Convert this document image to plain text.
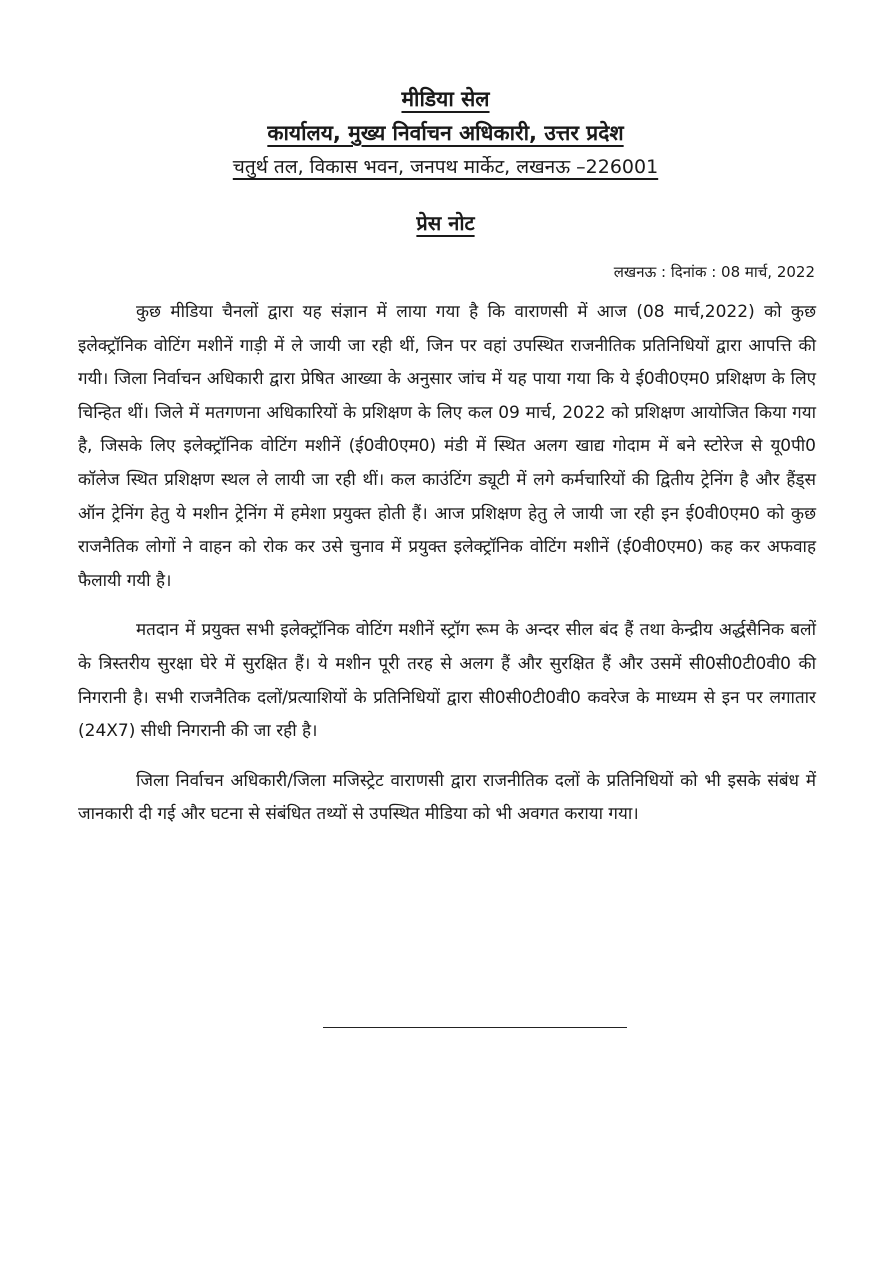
मीडिया सेल
कार्यालय, मुख्य निर्वाचन अधिकारी, उत्तर प्रदेश
चतुर्थ तल, विकास भवन, जनपथ मार्केट, लखनऊ –226001
प्रेस नोट
लखनऊ : दिनांक : 08 मार्च, 2022

कुछ मीडिया चैनलों द्वारा यह संज्ञान में लाया गया है कि वाराणसी में आज (08 मार्च,2022) को कुछ इलेक्ट्रॉनिक वोटिंग मशीनें गाड़ी में ले जायी जा रही थीं, जिन पर वहां उपस्थित राजनीतिक प्रतिनिधियों द्वारा आपत्ति की गयी। जिला निर्वाचन अधिकारी द्वारा प्रेषित आख्या के अनुसार जांच में यह पाया गया कि ये ई0वी0एम0 प्रशिक्षण के लिए चिन्हित थीं। जिले में मतगणना अधिकारियों के प्रशिक्षण के लिए कल 09 मार्च, 2022 को प्रशिक्षण आयोजित किया गया है, जिसके लिए इलेक्ट्रॉनिक वोटिंग मशीनें (ई0वी0एम0) मंडी में स्थित अलग खाद्य गोदाम में बने स्टोरेज से यू0पी0 कॉलेज स्थित प्रशिक्षण स्थल ले लायी जा रही थीं। कल काउंटिंग ड्यूटी में लगे कर्मचारियों की द्वितीय ट्रेनिंग है और हैंड्स ऑन ट्रेनिंग हेतु ये मशीन ट्रेनिंग में हमेशा प्रयुक्त होती हैं। आज प्रशिक्षण हेतु ले जायी जा रही इन ई0वी0एम0 को कुछ राजनैतिक लोगों ने वाहन को रोक कर उसे चुनाव में प्रयुक्त इलेक्ट्रॉनिक वोटिंग मशीनें (ई0वी0एम0) कह कर अफवाह फैलायी गयी है।

मतदान में प्रयुक्त सभी इलेक्ट्रॉनिक वोटिंग मशीनें स्ट्रॉग रूम के अन्दर सील बंद हैं तथा केन्द्रीय अर्द्धसैनिक बलों के त्रिस्तरीय सुरक्षा घेरे में सुरक्षित हैं। ये मशीन पूरी तरह से अलग हैं और सुरक्षित हैं और उसमें सी0सी0टी0वी0 की निगरानी है। सभी राजनैतिक दलों/प्रत्याशियों के प्रतिनिधियों द्वारा सी0सी0टी0वी0 कवरेज के माध्यम से इन पर लगातार (24X7) सीधी निगरानी की जा रही है।

जिला निर्वाचन अधिकारी/जिला मजिस्ट्रेट वाराणसी द्वारा राजनीतिक दलों के प्रतिनिधियों को भी इसके संबंध में जानकारी दी गई और घटना से संबंधित तथ्यों से उपस्थित मीडिया को भी अवगत कराया गया।
